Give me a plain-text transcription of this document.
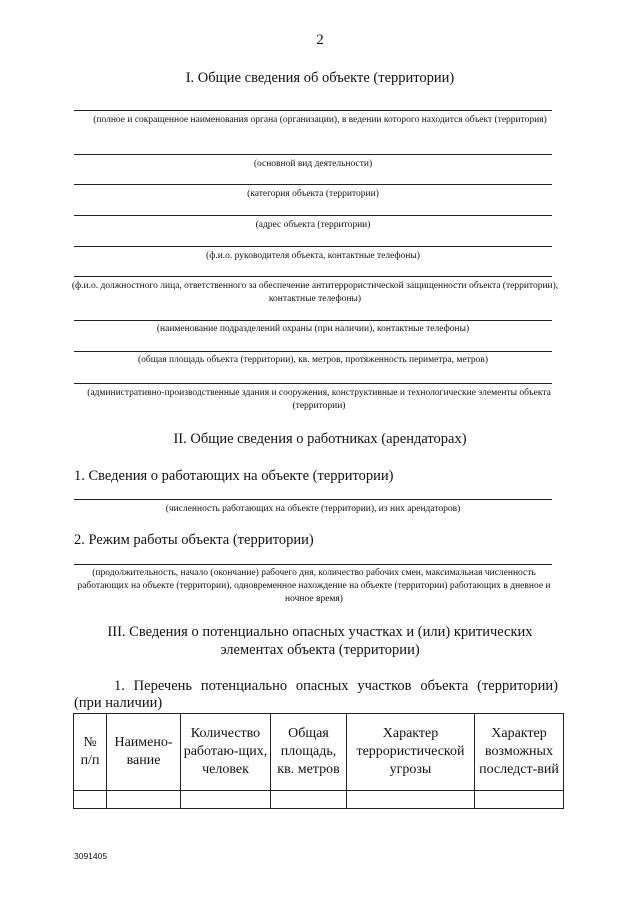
2
I. Общие сведения об объекте (территории)
(полное и сокращенное наименования органа (организации), в ведении которого находится объект (территория)
(основной вид деятельности)
(категория объекта (территории)
(адрес объекта (территории)
(ф.и.о. руководителя объекта, контактные телефоны)
(ф.и.о. должностного лица, ответственного за обеспечение антитеррористической защищенности объекта (территории), контактные телефоны)
(наименование подразделений охраны (при наличии), контактные телефоны)
(общая площадь объекта (территории), кв. метров, протяженность периметра, метров)
(административно-производственные здания и сооружения, конструктивные и технологические элементы объекта (территории)
II. Общие сведения о работниках (арендаторах)
1. Сведения о работающих на объекте (территории)
(численность работающих на объекте (территории), из них арендаторов)
2. Режим работы объекта (территории)
(продолжительность, начало (окончание) рабочего дня, количество рабочих смен, максимальная численность работающих на объекте (территории), одновременное нахождение на объекте (территории) работающих в дневное и ночное время)
III. Сведения о потенциально опасных участках и (или) критических
элементах объекта (территории)
1. Перечень потенциально опасных участков объекта (территории)
(при наличии)
№ п/п	Наимено-вание	Количество работаю-щих, человек	Общая площадь, кв. метров	Характер террористической угрозы	Характер возможных последст-вий

3091405
